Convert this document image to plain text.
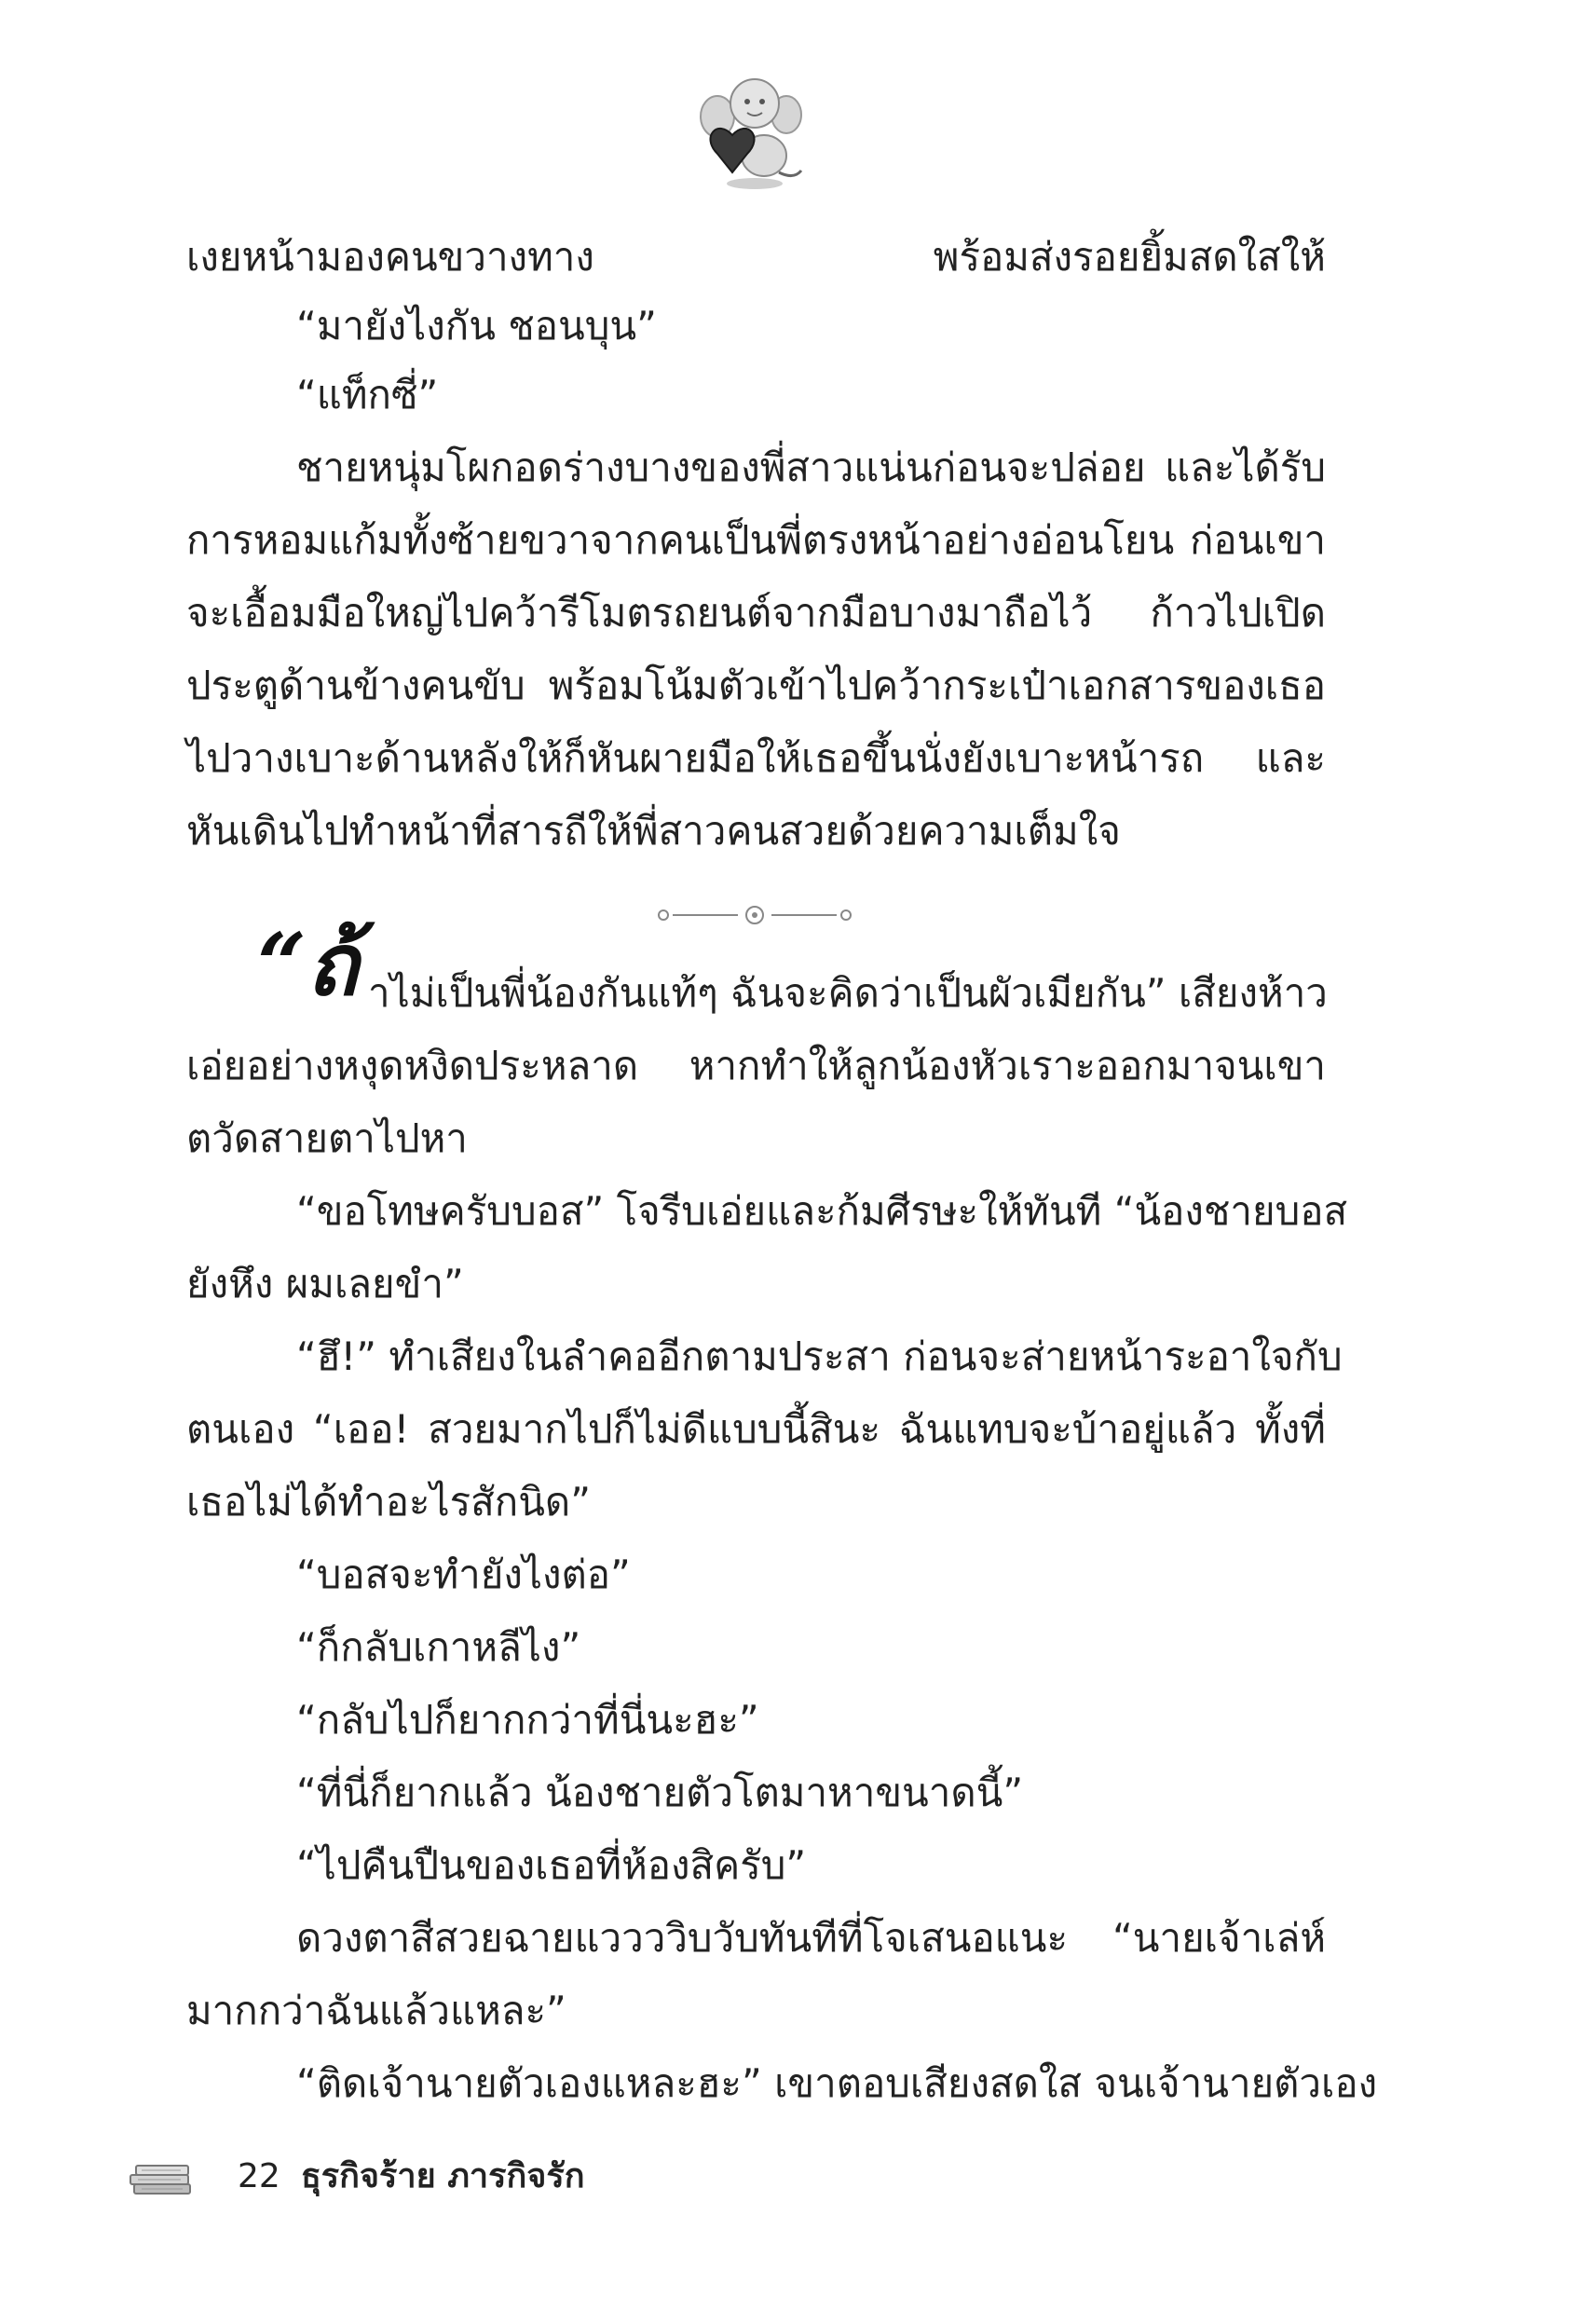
เงยหน้ามองคนขวางทาง พร้อมส่งรอยยิ้มสดใสให้
“มายังไงกัน ชอนบุน”
“แท็กซี่”
ชายหนุ่มโผกอดร่างบางของพี่สาวแน่นก่อนจะปล่อย และได้รับ
การหอมแก้มทั้งซ้ายขวาจากคนเป็นพี่ตรงหน้าอย่างอ่อนโยน ก่อนเขา
จะเอื้อมมือใหญ่ไปคว้ารีโมตรถยนต์จากมือบางมาถือไว้ ก้าวไปเปิด
ประตูด้านข้างคนขับ พร้อมโน้มตัวเข้าไปคว้ากระเป๋าเอกสารของเธอ
ไปวางเบาะด้านหลังให้ก็หันผายมือให้เธอขึ้นนั่งยังเบาะหน้ารถ และ
หันเดินไปทำหน้าที่สารถีให้พี่สาวคนสวยด้วยความเต็มใจ
“ถ้ าไม่เป็นพี่น้องกันแท้ๆ ฉันจะคิดว่าเป็นผัวเมียกัน” เสียงห้าว
เอ่ยอย่างหงุดหงิดประหลาด หากทำให้ลูกน้องหัวเราะออกมาจนเขา
ตวัดสายตาไปหา
“ขอโทษครับบอส” โจรีบเอ่ยและก้มศีรษะให้ทันที “น้องชายบอส
ยังหึง ผมเลยขำ”
“ฮึ!” ทำเสียงในลำคออีกตามประสา ก่อนจะส่ายหน้าระอาใจกับ
ตนเอง “เออ! สวยมากไปก็ไม่ดีแบบนี้สินะ ฉันแทบจะบ้าอยู่แล้ว ทั้งที่
เธอไม่ได้ทำอะไรสักนิด”
“บอสจะทำยังไงต่อ”
“ก็กลับเกาหลีไง”
“กลับไปก็ยากกว่าที่นี่นะฮะ”
“ที่นี่ก็ยากแล้ว น้องชายตัวโตมาหาขนาดนี้”
“ไปคืนปืนของเธอที่ห้องสิครับ”
ดวงตาสีสวยฉายแววววิบวับทันทีที่โจเสนอแนะ “นายเจ้าเล่ห์
มากกว่าฉันแล้วแหละ”
“ติดเจ้านายตัวเองแหละฮะ” เขาตอบเสียงสดใส จนเจ้านายตัวเอง
22 ธุรกิจร้าย ภารกิจรัก
